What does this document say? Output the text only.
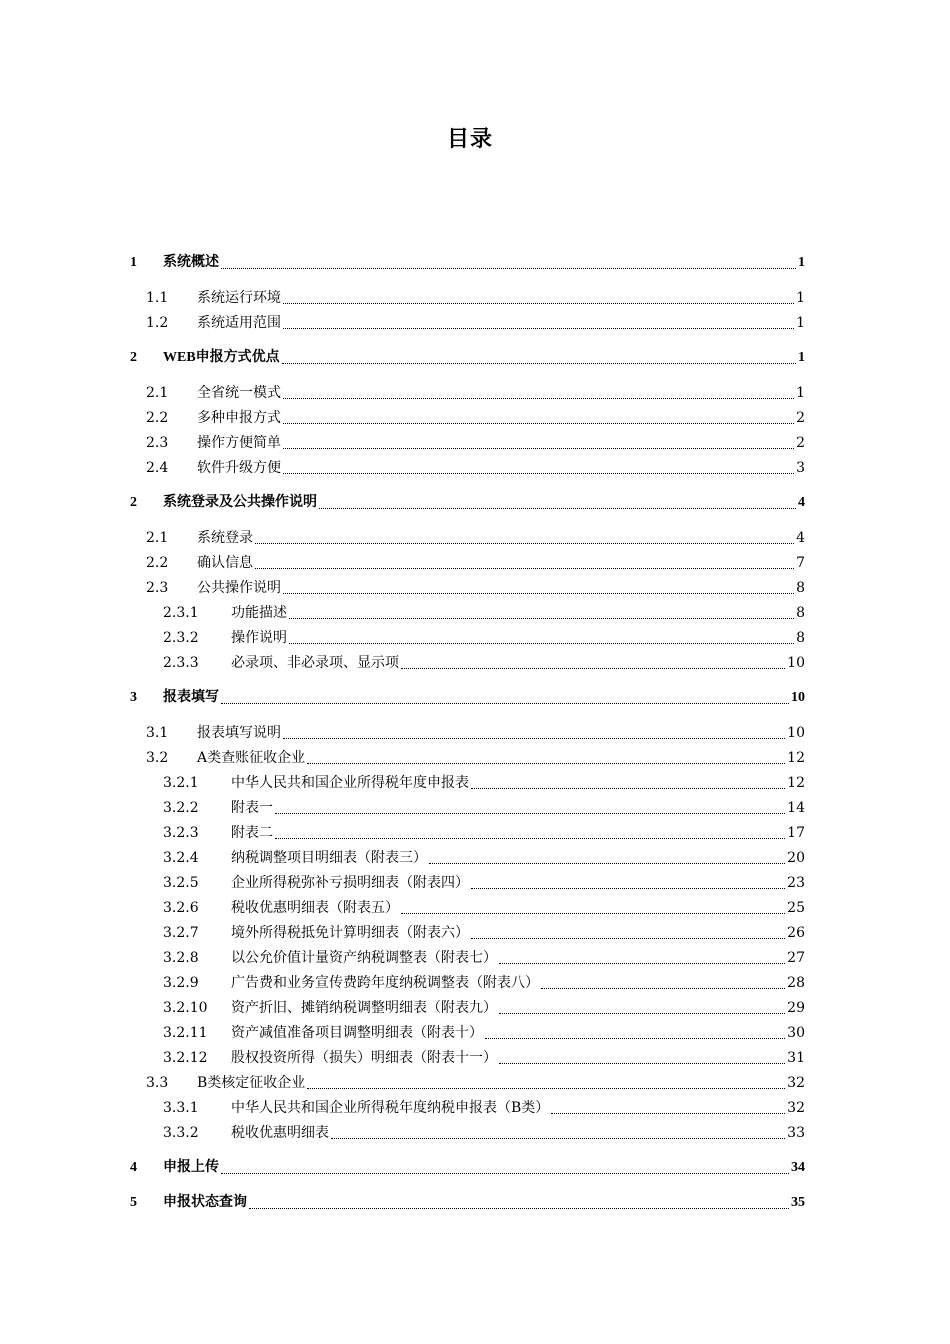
目录
1 系统概述	1
1.1 系统运行环境	1
1.2 系统适用范围	1
2 WEB申报方式优点	1
2.1 全省统一模式	1
2.2 多种申报方式	2
2.3 操作方便简单	2
2.4 软件升级方便	3
2 系统登录及公共操作说明	4
2.1 系统登录	4
2.2 确认信息	7
2.3 公共操作说明	8
2.3.1 功能描述	8
2.3.2 操作说明	8
2.3.3 必录项、非必录项、显示项	10
3 报表填写	10
3.1 报表填写说明	10
3.2 A类查账征收企业	12
3.2.1 中华人民共和国企业所得税年度申报表	12
3.2.2 附表一	14
3.2.3 附表二	17
3.2.4 纳税调整项目明细表（附表三）	20
3.2.5 企业所得税弥补亏损明细表（附表四）	23
3.2.6 税收优惠明细表（附表五）	25
3.2.7 境外所得税抵免计算明细表（附表六）	26
3.2.8 以公允价值计量资产纳税调整表（附表七）	27
3.2.9 广告费和业务宣传费跨年度纳税调整表（附表八）	28
3.2.10 资产折旧、摊销纳税调整明细表（附表九）	29
3.2.11 资产减值准备项目调整明细表（附表十）	30
3.2.12 股权投资所得（损失）明细表（附表十一）	31
3.3 B类核定征收企业	32
3.3.1 中华人民共和国企业所得税年度纳税申报表（B类）	32
3.3.2 税收优惠明细表	33
4 申报上传	34
5 申报状态查询	35
